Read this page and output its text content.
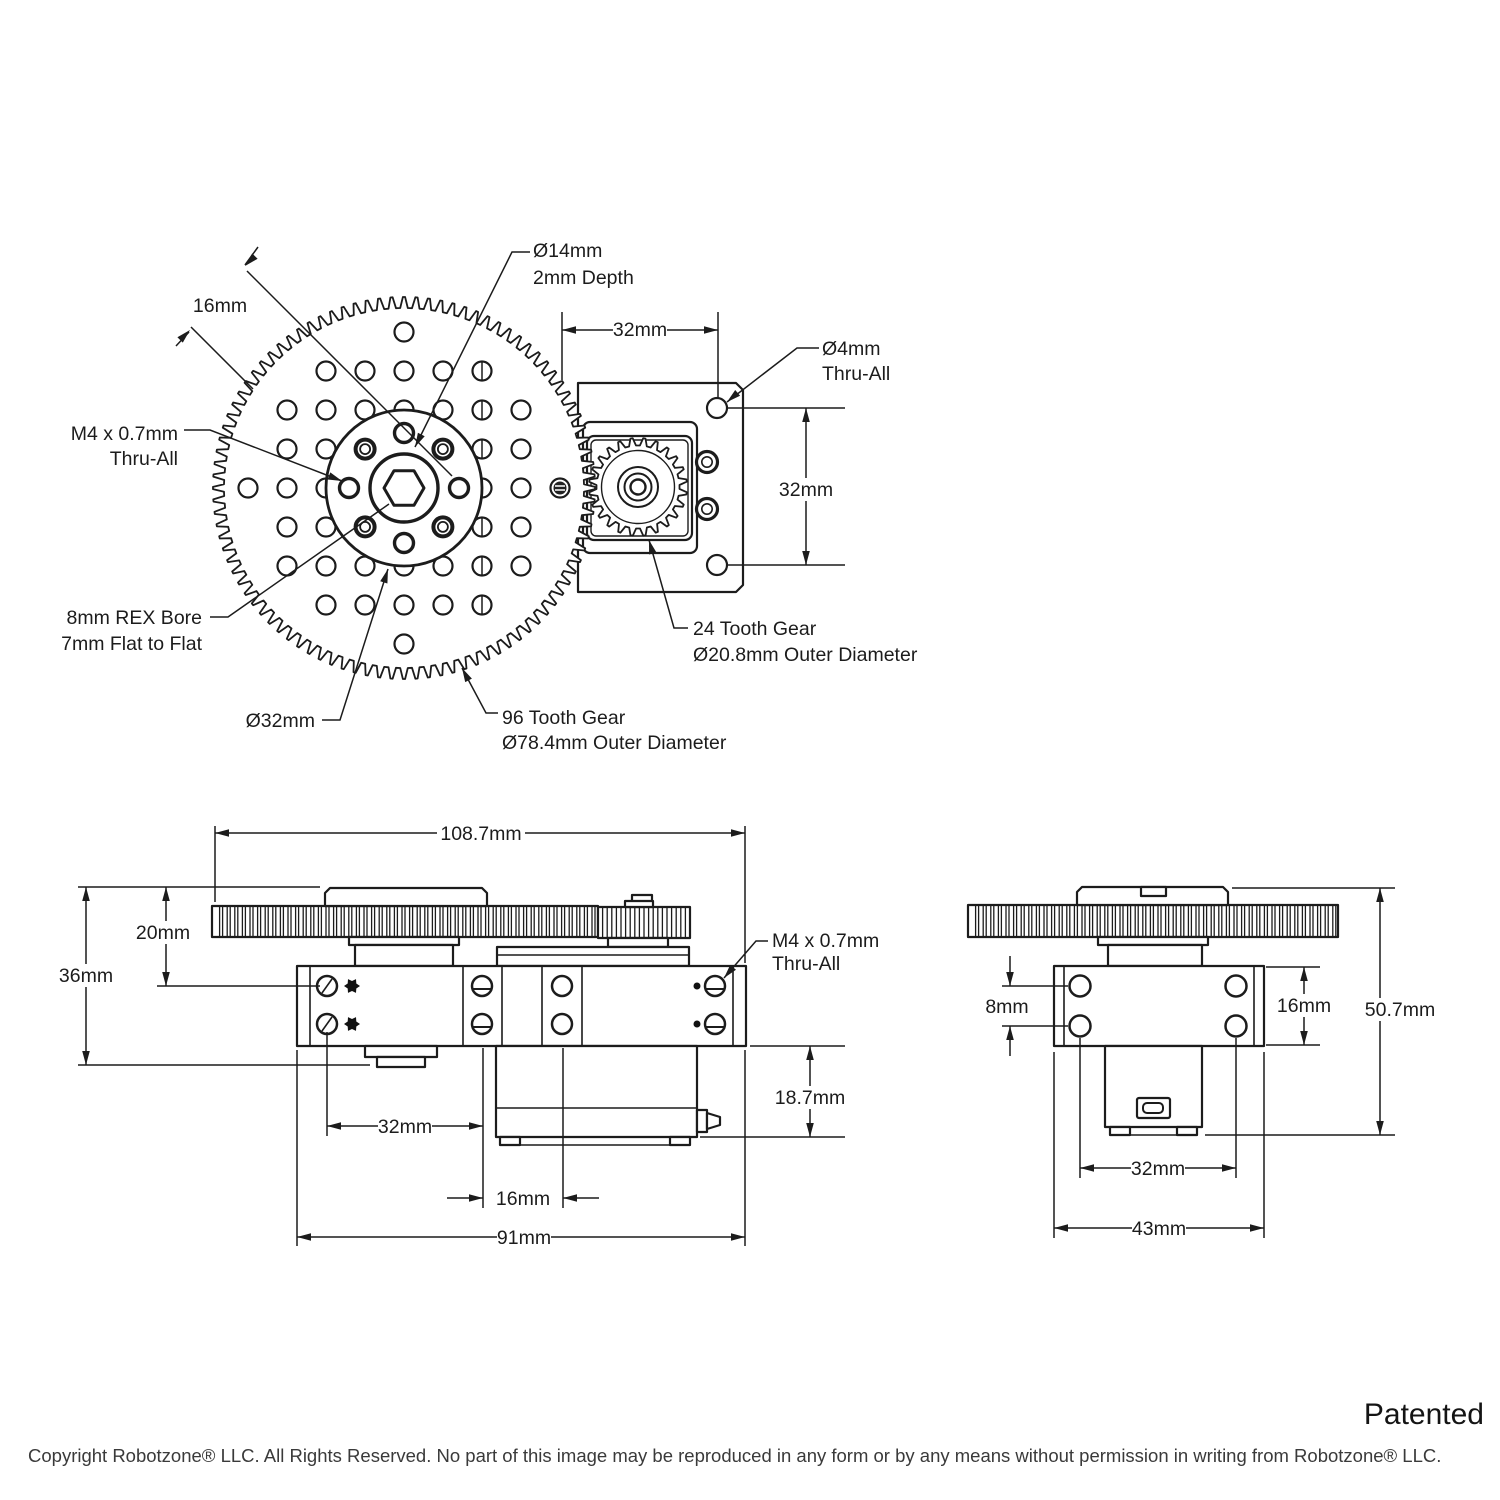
32mm
32mm
Ø14mm
2mm Depth
16mm
Ø4mm
Thru-All
M4 x 0.7mm
Thru-All
8mm REX Bore
7mm Flat to Flat
Ø32mm	96 Tooth Gear
Ø78.4mm Outer Diameter
24 Tooth Gear
Ø20.8mm Outer Diameter
108.7mm
20mm
36mm
M4 x 0.7mm
Thru-All
32mm
16mm
18.7mm
91mm
8mm	16mm 50.7mm
32mm
43mm
Patented
Copyright Robotzone® LLC. All Rights Reserved. No part of this image may be reproduced in any form or by any means without permission in writing from Robotzone® LLC.
